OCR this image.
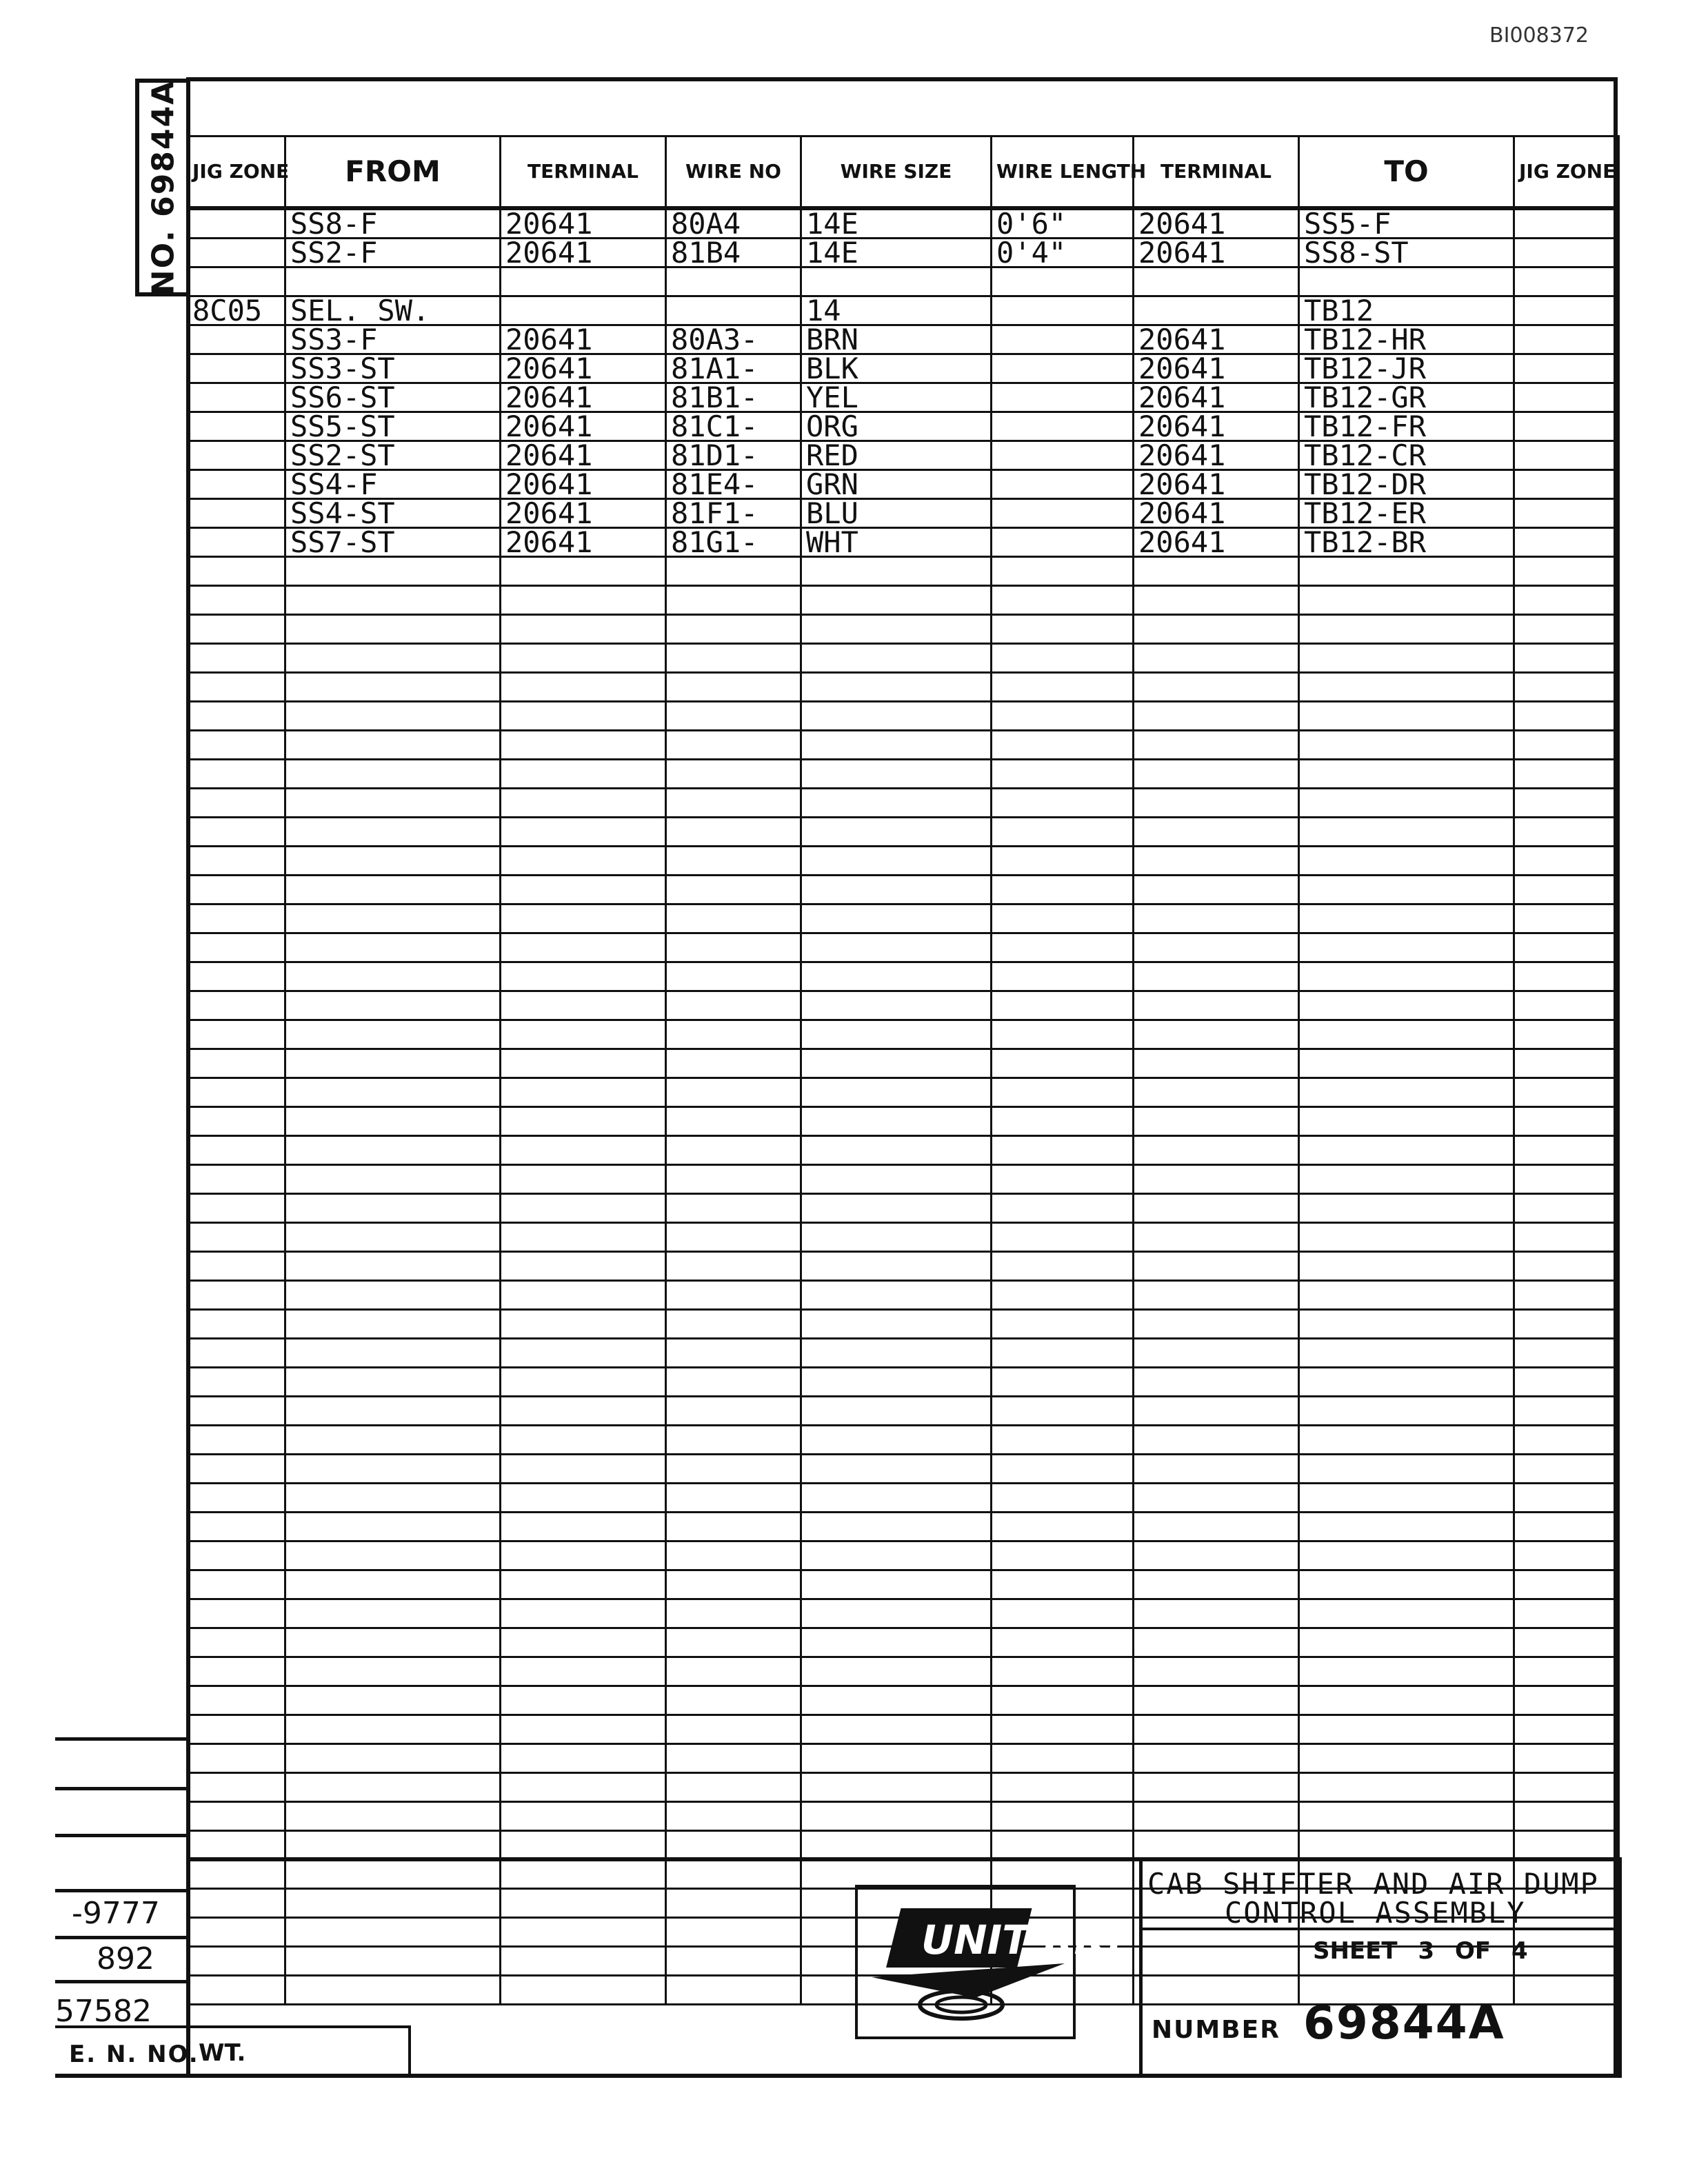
BI008372
NO. 69844A JIG ZONE	FROM	TERMINAL	WIRE NO	WIRE SIZE	WIRE LENGTH	TERMINAL	TO	JIG ZONE
	SS8-F	20641	80A4	14E	0'6"	20641	SS5-F	
	SS2-F	20641	81B4	14E	0'4"	20641	SS8-ST	

8C05	SEL. SW.			14			TB12	
	SS3-F	20641	80A3-	BRN		20641	TB12-HR	
	SS3-ST	20641	81A1-	BLK		20641	TB12-JR	
	SS6-ST	20641	81B1-	YEL		20641	TB12-GR	
	SS5-ST	20641	81C1-	ORG		20641	TB12-FR	
	SS2-ST	20641	81D1-	RED		20641	TB12-CR	
	SS4-F	20641	81E4-	GRN		20641	TB12-DR	
	SS4-ST	20641	81F1-	BLU		20641	TB12-ER	
	SS7-ST	20641	81G1-	WHT		20641	TB12-BR	

UNIT RIG
CAB SHIFTER AND AIR DUMP
CONTROL ASSEMBLY
SHEET 3 OF 4
NUMBER 69844A
WT.
-9777
892
57582
E. N. NO.
